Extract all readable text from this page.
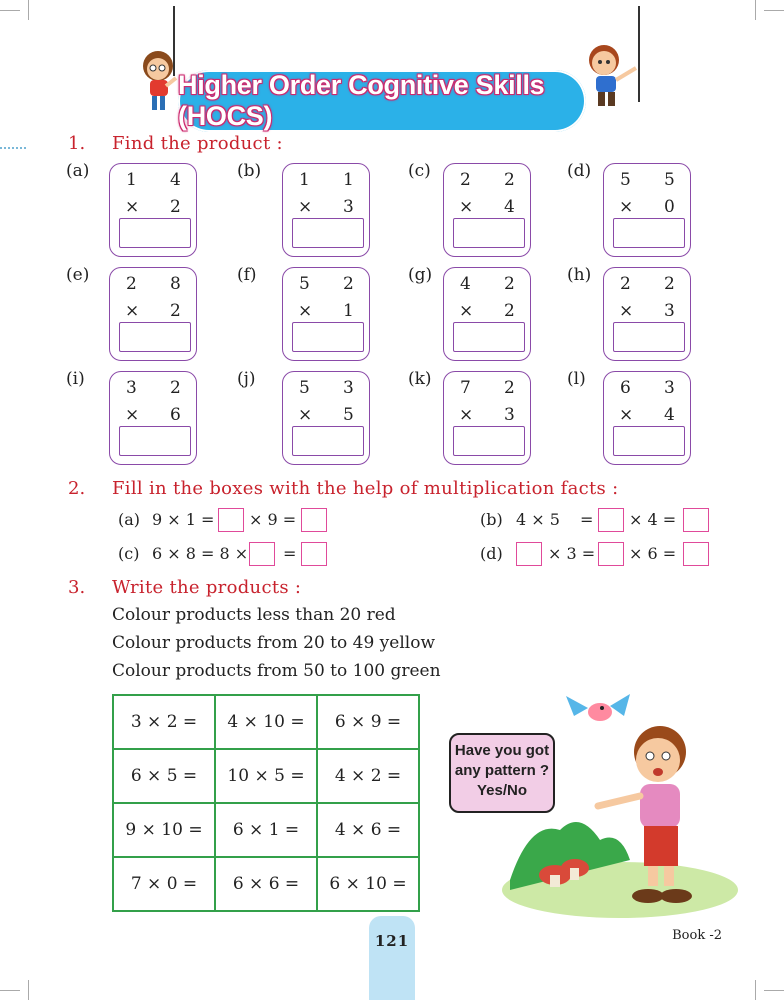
Higher Order Cognitive Skills (HOCS)
1. Find the product :
(a) 1 4
× 2
(b) 1 1
× 3
(c) 2 2
× 4
(d) 5 5
× 0
(e) 2 8
× 2
(f) 5 2
× 1
(g) 4 2
× 2
(h) 2 2
× 3
(i) 3 2
× 6
(j)	5 3
× 5
(k) 7 2
× 3
(l) 6 3
× 4
2. Fill in the boxes with the help of multiplication facts :
(a) 9 × 1 = × 9 =	(b) 4 × 5 = × 4 =
(c) 6 × 8 = 8 × =	(d)	× 3 = × 6 =
3. Write the products :
Colour products less than 20 red
Colour products from 20 to 49 yellow
Colour products from 50 to 100 green
3 × 2 =	4 × 10 =	6 × 9 =
6 × 5 =	10 × 5 =	4 × 2 =
9 × 10 =	6 × 1 =	4 × 6 =
7 × 0 =	6 × 6 =	6 × 10 =
Have you got
any pattern ?
Yes/No
121	Book -2
